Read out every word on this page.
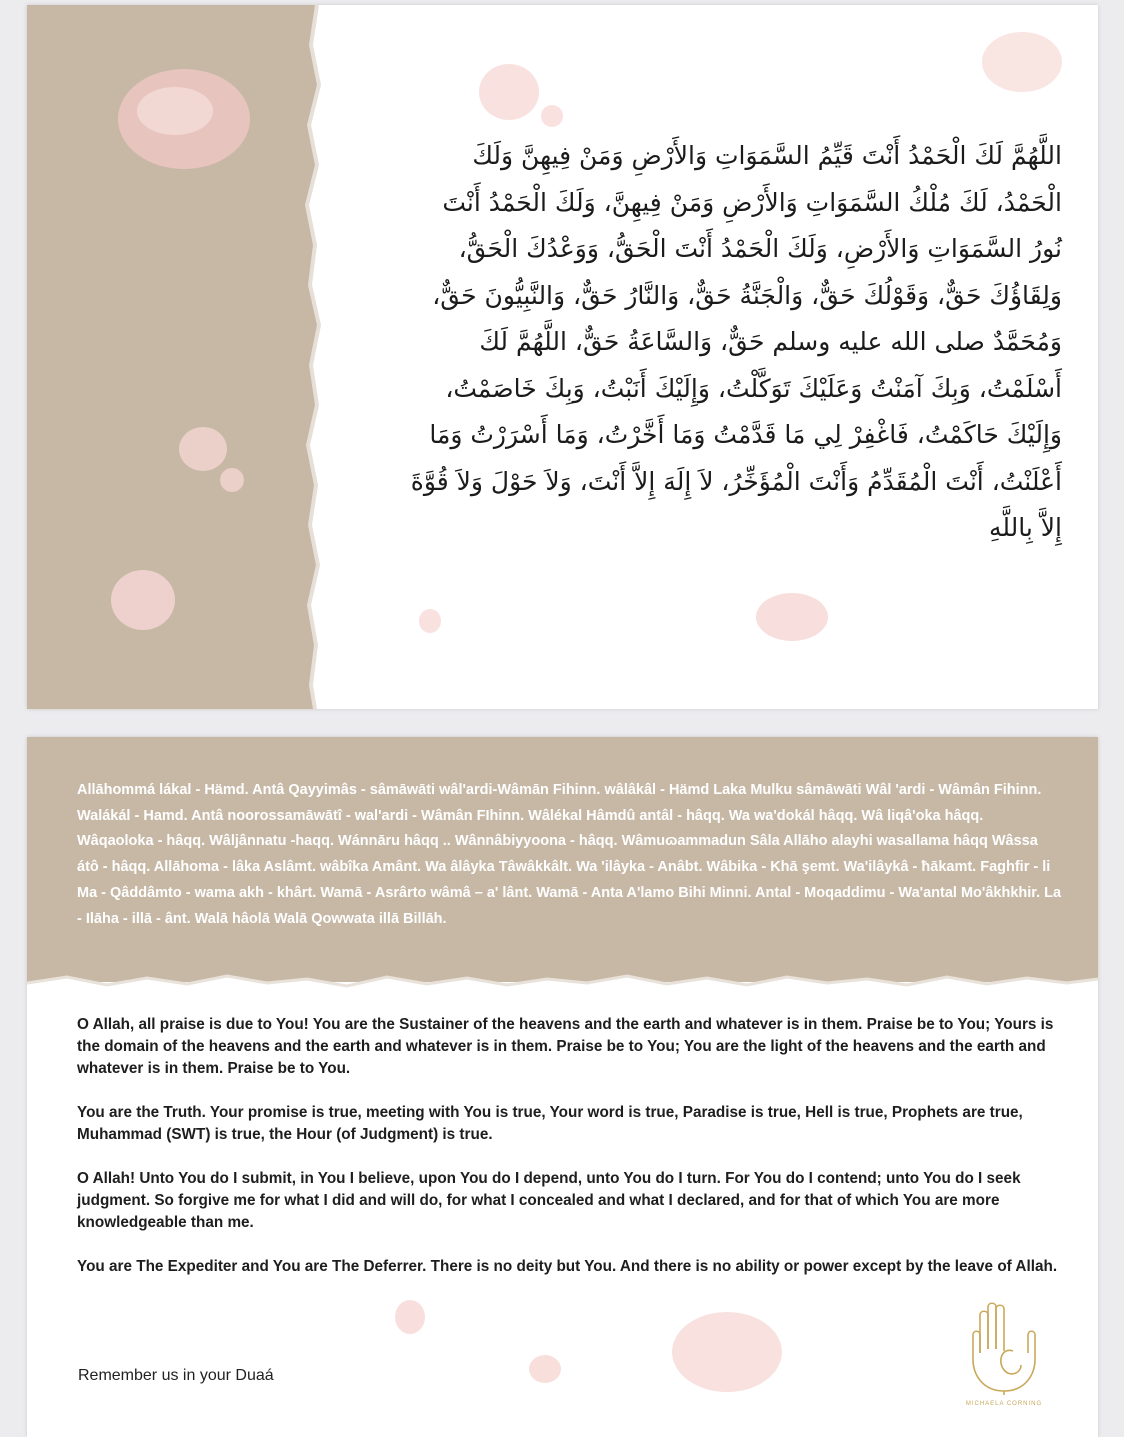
اللَّهُمَّ لَكَ الْحَمْدُ أَنْتَ قَيِّمُ السَّمَوَاتِ وَالأَرْضِ وَمَنْ فِيهِنَّ وَلَكَ
الْحَمْدُ، لَكَ مُلْكُ السَّمَوَاتِ وَالأَرْضِ وَمَنْ فِيهِنَّ، وَلَكَ الْحَمْدُ أَنْتَ
نُورُ السَّمَوَاتِ وَالأَرْضِ، وَلَكَ الْحَمْدُ أَنْتَ الْحَقُّ، وَوَعْدُكَ الْحَقُّ،
وَلِقَاؤُكَ حَقٌّ، وَقَوْلُكَ حَقٌّ، وَالْجَنَّةُ حَقٌّ، وَالنَّارُ حَقٌّ، وَالنَّبِيُّونَ حَقٌّ،
وَمُحَمَّدٌ صلى الله عليه وسلم حَقٌّ، وَالسَّاعَةُ حَقٌّ، اللَّهُمَّ لَكَ
أَسْلَمْتُ، وَبِكَ آمَنْتُ وَعَلَيْكَ تَوَكَّلْتُ، وَإِلَيْكَ أَنَبْتُ، وَبِكَ خَاصَمْتُ،
وَإِلَيْكَ حَاكَمْتُ، فَاغْفِرْ لِي مَا قَدَّمْتُ وَمَا أَخَّرْتُ، وَمَا أَسْرَرْتُ وَمَا
أَعْلَنْتُ، أَنْتَ الْمُقَدِّمُ وَأَنْتَ الْمُؤَخِّرُ، لاَ إِلَهَ إِلاَّ أَنْتَ، وَلاَ حَوْلَ وَلاَ قُوَّةَ
إِلاَّ بِاللَّهِ
Allāhommá lákal - Hämd. Antâ Qayyimâs - sâmāwāti wâl'ardi-Wâmān Fihinn. wâlâkâl - Hämd Laka Mulku sâmāwāti Wâl 'ardi - Wâmân Fihinn. Walákál - Hamd. Antâ noorossamāwātî - wal'ardi - Wâmân FIhinn. Wâlékal Hâmdû antâl - hâqq. Wa wa'dokál hâqq. Wâ liqâ'oka hâqq. Wâqaoloka - hâqq. Wâljânnatu -haqq. Wánnāru hâqq .. Wânnâbiyyoona - hâqq. Wâmuɷammadun Sâla Allāho alayhi wasallama hâqq Wâssa átô - hâqq. Allāhoma - lâka Aslâmt. wâbîka Amânt. Wa âlâyka Tâwâkkâlt. Wa 'ilâyka - Anâbt. Wâbika - Khā şemt. Wa'ilâykâ - ħākamt. Faghfir - li Ma - Qâddâmto - wama akh - khârt. Wamā - Asrârto wâmâ – a' lânt. Wamā - Anta A'lamo Bihi Minni. Antal - Moqaddimu - Wa'antal Mo'âkhkhir. La - Ilāha - illā - ânt. Walā hâolā Walā Qowwata illā Billāh.

O Allah, all praise is due to You! You are the Sustainer of the heavens and the earth and whatever is in them. Praise be to You; Yours is the domain of the heavens and the earth and whatever is in them. Praise be to You; You are the light of the heavens and the earth and whatever is in them. Praise be to You.

You are the Truth. Your promise is true, meeting with You is true, Your word is true, Paradise is true, Hell is true, Prophets are true, Muhammad (SWT) is true, the Hour (of Judgment) is true.

O Allah! Unto You do I submit, in You I believe, upon You do I depend, unto You do I turn. For You do I contend; unto You do I seek judgment. So forgive me for what I did and will do, for what I concealed and what I declared, and for that of which You are more knowledgeable than me.

You are The Expediter and You are The Deferrer. There is no deity but You. And there is no ability or power except by the leave of Allah.

Remember us in your Duaá
MICHAELA CORNING
